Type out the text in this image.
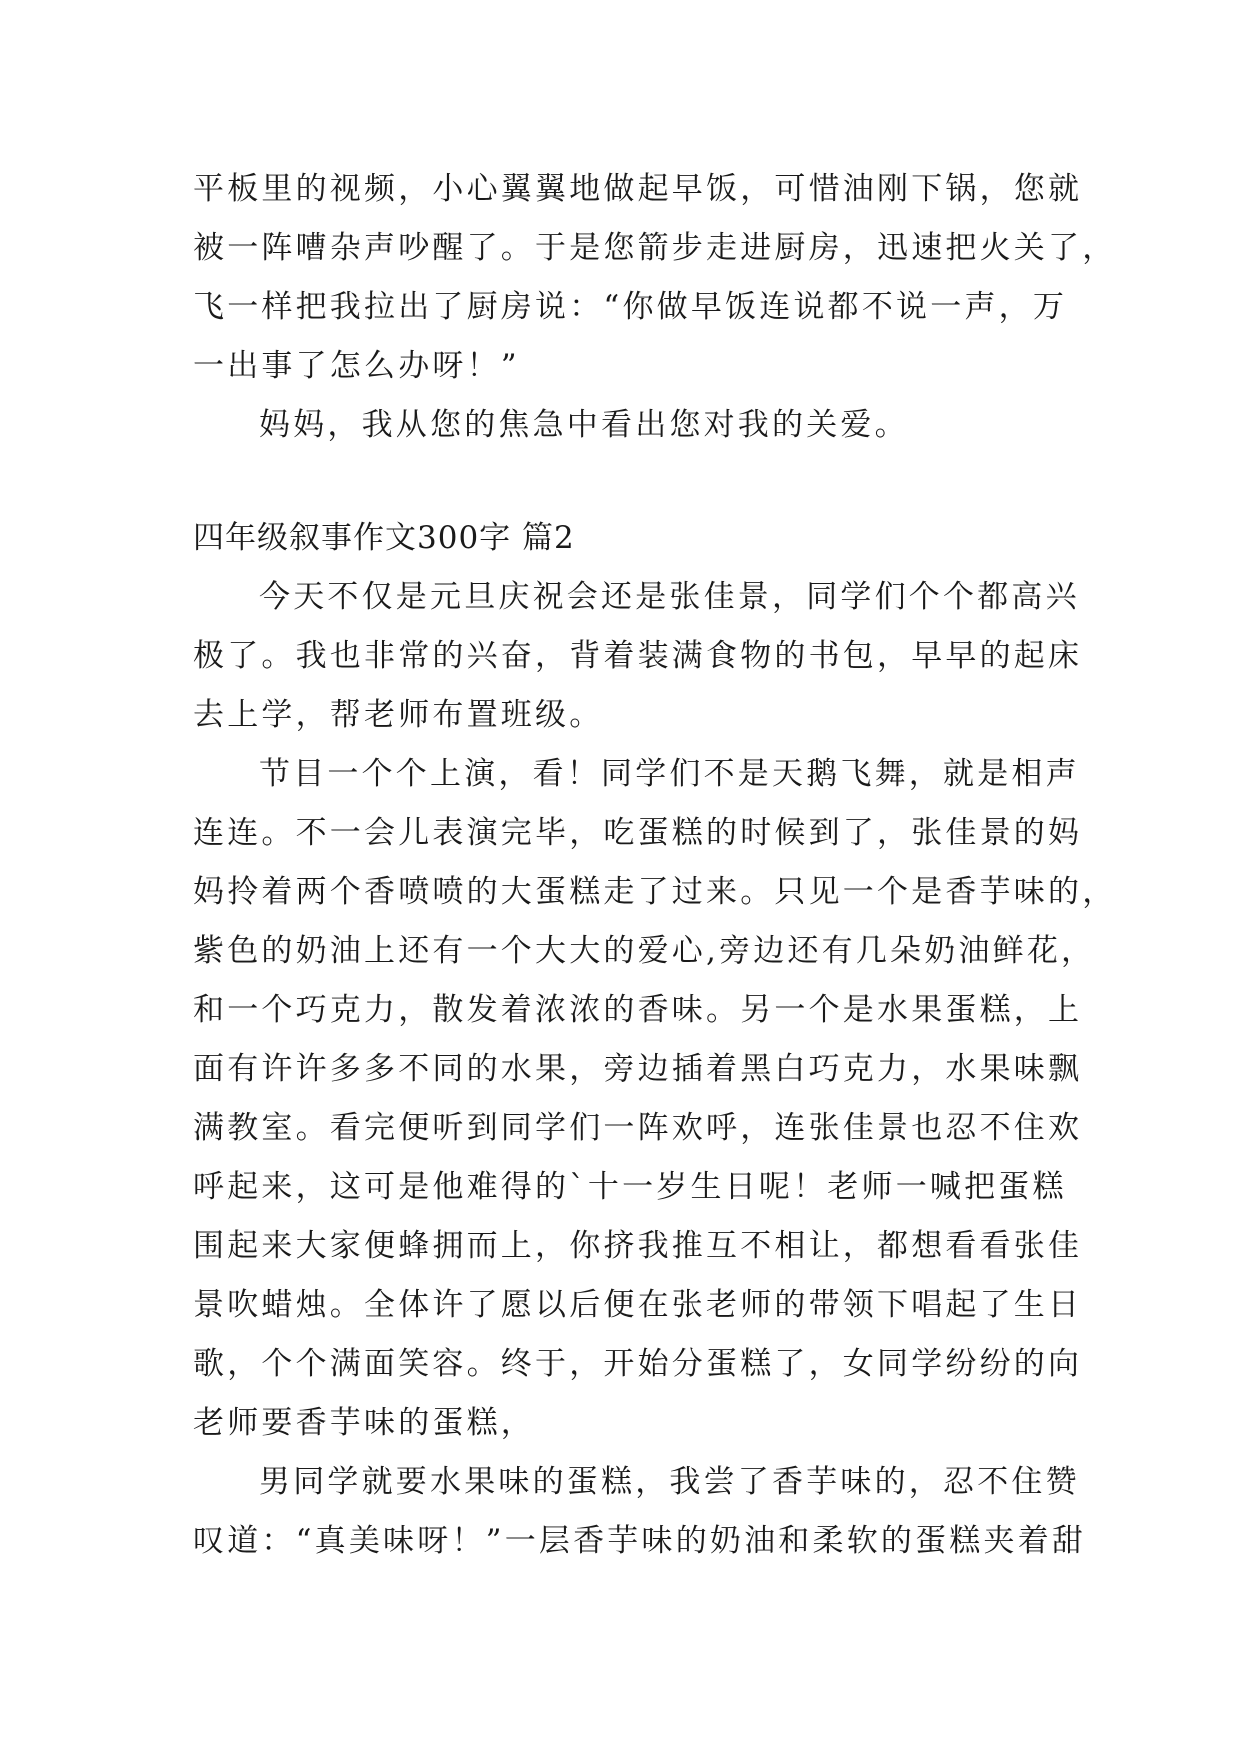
平板里的视频，小心翼翼地做起早饭，可惜油刚下锅，您就
被一阵嘈杂声吵醒了。于是您箭步走进厨房，迅速把火关了，
飞一样把我拉出了厨房说：“你做早饭连说都不说一声，万
一出事了怎么办呀！”
妈妈，我从您的焦急中看出您对我的关爱。
四年级叙事作文300字 篇2
今天不仅是元旦庆祝会还是张佳景，同学们个个都高兴
极了。我也非常的兴奋，背着装满食物的书包，早早的起床
去上学，帮老师布置班级。
节目一个个上演，看！同学们不是天鹅飞舞，就是相声
连连。不一会儿表演完毕，吃蛋糕的时候到了，张佳景的妈
妈拎着两个香喷喷的大蛋糕走了过来。只见一个是香芋味的，
紫色的奶油上还有一个大大的爱心,旁边还有几朵奶油鲜花，
和一个巧克力，散发着浓浓的香味。另一个是水果蛋糕，上
面有许许多多不同的水果，旁边插着黑白巧克力，水果味飘
满教室。看完便听到同学们一阵欢呼，连张佳景也忍不住欢
呼起来，这可是他难得的`十一岁生日呢！老师一喊把蛋糕
围起来大家便蜂拥而上，你挤我推互不相让，都想看看张佳
景吹蜡烛。全体许了愿以后便在张老师的带领下唱起了生日
歌，个个满面笑容。终于，开始分蛋糕了，女同学纷纷的向
老师要香芋味的蛋糕，
男同学就要水果味的蛋糕，我尝了香芋味的，忍不住赞
叹道：“真美味呀！”一层香芋味的奶油和柔软的蛋糕夹着甜
